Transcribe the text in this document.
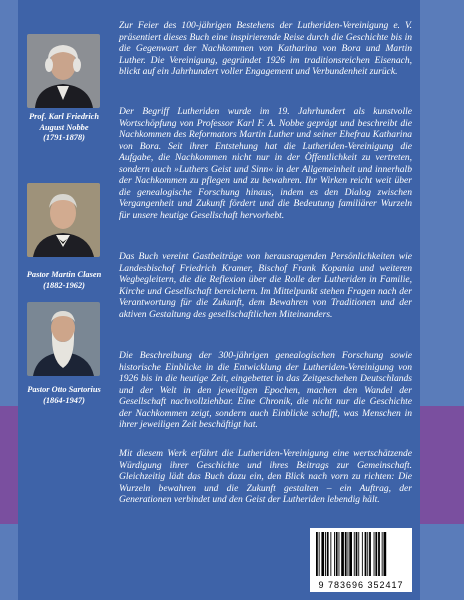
Prof. Karl Friedrich August Nobbe
(1791-1878)
Pastor Martin Clasen
(1882-1962)
Pastor Otto Sartorius
(1864-1947)

Zur Feier des 100-jährigen Bestehens der Lutheriden-Vereinigung e. V. präsentiert dieses Buch eine inspirierende Reise durch die Geschichte bis in die Gegenwart der Nachkommen von Katharina von Bora und Martin Luther. Die Vereinigung, gegründet 1926 im traditionsreichen Eisenach, blickt auf ein Jahrhundert voller Engagement und Verbundenheit zurück.

Der Begriff Lutheriden wurde im 19. Jahrhundert als kunstvolle Wortschöpfung von Professor Karl F. A. Nobbe geprägt und beschreibt die Nachkommen des Reformators Martin Luther und seiner Ehefrau Katharina von Bora. Seit ihrer Entstehung hat die Lutheriden-Vereinigung die Aufgabe, die Nachkommen nicht nur in der Öffentlichkeit zu vertreten, sondern auch »Luthers Geist und Sinn« in der Allgemeinheit und innerhalb der Nachkommen zu pflegen und zu bewahren. Ihr Wirken reicht weit über die genealogische Forschung hinaus, indem es den Dialog zwischen Vergangenheit und Zukunft fördert und die Bedeutung familiärer Wurzeln für unsere heutige Gesellschaft hervorhebt.

Das Buch vereint Gastbeiträge von herausragenden Persönlichkeiten wie Landesbischof Friedrich Kramer, Bischof Frank Kopania und weiteren Wegbegleitern, die die Reflexion über die Rolle der Lutheriden in Familie, Kirche und Gesellschaft bereichern. Im Mittelpunkt stehen Fragen nach der Verantwortung für die Zukunft, dem Bewahren von Traditionen und der aktiven Gestaltung des gesellschaftlichen Miteinanders.

Die Beschreibung der 300-jährigen genealogischen Forschung sowie historische Einblicke in die Entwicklung der Lutheriden-Vereinigung von 1926 bis in die heutige Zeit, eingebettet in das Zeitgeschehen Deutschlands und der Welt in den jeweiligen Epochen, machen den Wandel der Gesellschaft nachvollziehbar. Eine Chronik, die nicht nur die Geschichte der Nachkommen zeigt, sondern auch Einblicke schafft, was Menschen in ihrer jeweiligen Zeit beschäftigt hat.

Mit diesem Werk erfährt die Lutheriden-Vereinigung eine wertschätzende Würdigung ihrer Geschichte und ihres Beitrags zur Gemeinschaft. Gleichzeitig lädt das Buch dazu ein, den Blick nach vorn zu richten: Die Wurzeln bewahren und die Zukunft gestalten – ein Auftrag, der Generationen verbindet und den Geist der Lutheriden lebendig hält.

9 783696 352417
